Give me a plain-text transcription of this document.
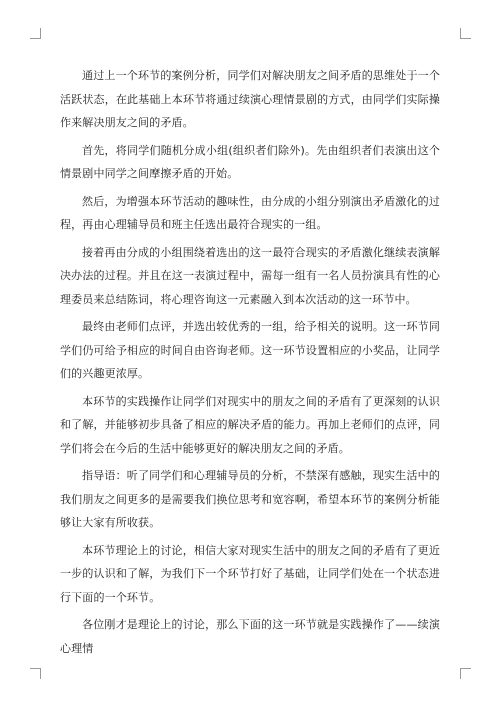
通过上一个环节的案例分析，同学们对解决朋友之间矛盾的思维处于一个活跃状态，在此基础上本环节将通过续演心理情景剧的方式，由同学们实际操作来解决朋友之间的矛盾。

首先，将同学们随机分成小组(组织者们除外)。先由组织者们表演出这个情景剧中同学之间摩擦矛盾的开始。

然后，为增强本环节活动的趣味性，由分成的小组分别演出矛盾激化的过程，再由心理辅导员和班主任选出最符合现实的一组。

接着再由分成的小组围绕着选出的这一最符合现实的矛盾激化继续表演解决办法的过程。并且在这一表演过程中，需每一组有一名人员扮演具有性的心理委员来总结陈词，将心理咨询这一元素融入到本次活动的这一环节中。

最终由老师们点评，并选出较优秀的一组，给予相关的说明。这一环节同学们仍可给予相应的时间自由咨询老师。这一环节设置相应的小奖品，让同学们的兴趣更浓厚。

本环节的实践操作让同学们对现实中的朋友之间的矛盾有了更深刻的认识和了解，并能够初步具备了相应的解决矛盾的能力。再加上老师们的点评，同学们将会在今后的生活中能够更好的解决朋友之间的矛盾。

指导语：听了同学们和心理辅导员的分析，不禁深有感触，现实生活中的我们朋友之间更多的是需要我们换位思考和宽容啊，希望本环节的案例分析能够让大家有所收获。

本环节理论上的讨论，相信大家对现实生活中的朋友之间的矛盾有了更近一步的认识和了解，为我们下一个环节打好了基础，让同学们处在一个状态进行下面的一个环节。

各位刚才是理论上的讨论，那么下面的这一环节就是实践操作了——续演心理情
